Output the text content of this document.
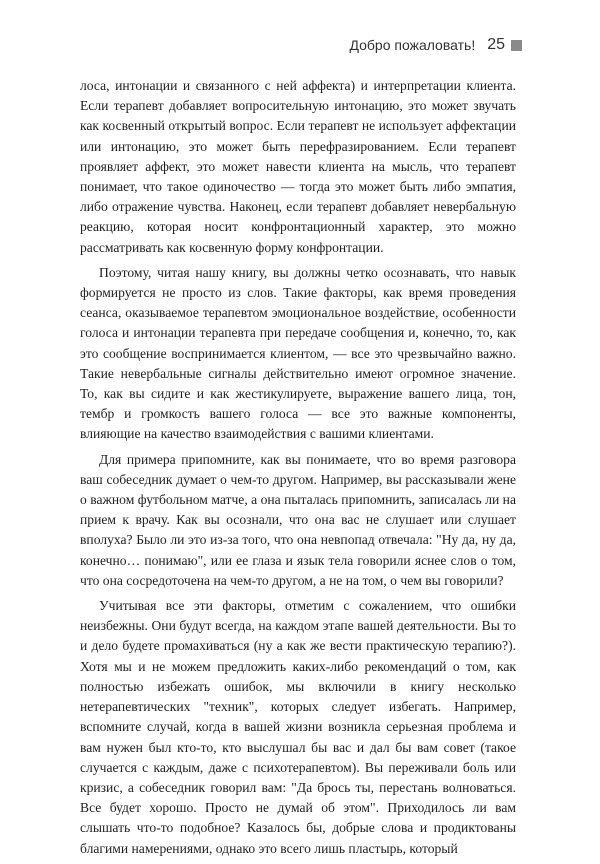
Добро пожаловать! 25

лоса, интонации и связанного с ней аффекта) и интерпретации клиента. Если терапевт добавляет вопросительную интонацию, это может звучать как косвенный открытый вопрос. Если терапевт не использует аффектации или интонацию, это может быть перефразированием. Если терапевт проявляет аффект, это может навести клиента на мысль, что терапевт понимает, что такое одиночество — тогда это может быть либо эмпатия, либо отражение чувства. Наконец, если терапевт добавляет невербальную реакцию, которая носит конфронтационный характер, это можно рассматривать как косвенную форму конфронтации.

Поэтому, читая нашу книгу, вы должны четко осознавать, что навык формируется не просто из слов. Такие факторы, как время проведения сеанса, оказываемое терапевтом эмоциональное воздействие, особенности голоса и интонации терапевта при передаче сообщения и, конечно, то, как это сообщение воспринимается клиентом, — все это чрезвычайно важно. Такие невербальные сигналы действительно имеют огромное значение. То, как вы сидите и как жестикулируете, выражение вашего лица, тон, тембр и громкость вашего голоса — все это важные компоненты, влияющие на качество взаимодействия с вашими клиентами.

Для примера припомните, как вы понимаете, что во время разговора ваш собеседник думает о чем-то другом. Например, вы рассказывали жене о важном футбольном матче, а она пыталась припомнить, записалась ли на прием к врачу. Как вы осознали, что она вас не слушает или слушает вполуха? Было ли это из-за того, что она невпопад отвечала: "Ну да, ну да, конечно… понимаю", или ее глаза и язык тела говорили яснее слов о том, что она сосредоточена на чем-то другом, а не на том, о чем вы говорили?

Учитывая все эти факторы, отметим с сожалением, что ошибки неизбежны. Они будут всегда, на каждом этапе вашей деятельности. Вы то и дело будете промахиваться (ну а как же вести практическую терапию?). Хотя мы и не можем предложить каких-либо рекомендаций о том, как полностью избежать ошибок, мы включили в книгу несколько нетерапевтических "техник", которых следует избегать. Например, вспомните случай, когда в вашей жизни возникла серьезная проблема и вам нужен был кто-то, кто выслушал бы вас и дал бы вам совет (такое случается с каждым, даже с психотерапевтом). Вы переживали боль или кризис, а собеседник говорил вам: "Да брось ты, перестань волноваться. Все будет хорошо. Просто не думай об этом". Приходилось ли вам слышать что-то подобное? Казалось бы, добрые слова и продиктованы благими намерениями, однако это всего лишь пластырь, который
